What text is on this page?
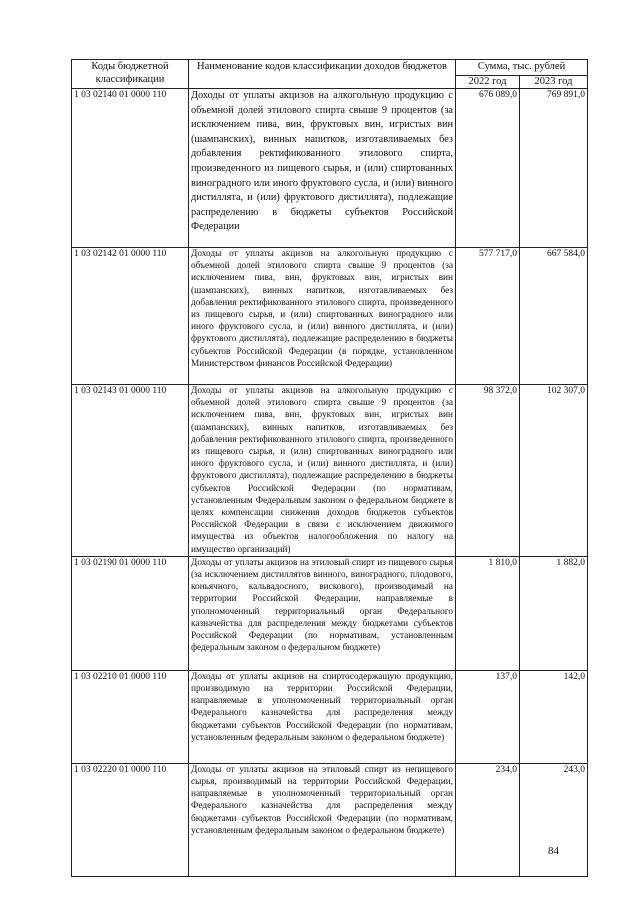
Коды бюджетной классификации	Наименование кодов классификации доходов бюджетов	Сумма, тыс. рублей	
		2022 год	2023 год
1 03 02140 01 0000 110	Доходы от уплаты акцизов на алкогольную продукцию с объемной долей этилового спирта свыше 9 процентов (за исключением пива, вин, фруктовых вин, игристых вин (шампанских), винных напитков, изготавливаемых без добавления ректификованного этилового спирта, произведенного из пищевого сырья, и (или) спиртованных виноградного или иного фруктового сусла, и (или) винного дистиллята, и (или) фруктового дистиллята), подлежащие распределению в бюджеты субъектов Российской Федерации	676 089,0	769 891,0
1 03 02142 01 0000 110	Доходы от уплаты акцизов на алкогольную продукцию с объемной долей этилового спирта свыше 9 процентов (за исключением пива, вин, фруктовых вин, игристых вин (шампанских), винных напитков, изготавливаемых без добавления ректификованного этилового спирта, произведенного из пищевого сырья, и (или) спиртованных виноградного или иного фруктового сусла, и (или) винного дистиллята, и (или) фруктового дистиллята), подлежащие распределению в бюджеты субъектов Российской Федерации (в порядке, установленном Министерством финансов Российской Федерации)	577 717,0	667 584,0
1 03 02143 01 0000 110	Доходы от уплаты акцизов на алкогольную продукцию с объемной долей этилового спирта свыше 9 процентов (за исключением пива, вин, фруктовых вин, игристых вин (шампанских), винных напитков, изготавливаемых без добавления ректификованного этилового спирта, произведенного из пищевого сырья, и (или) спиртованных виноградного или иного фруктового сусла, и (или) винного дистиллята, и (или) фруктового дистиллята), подлежащие распределению в бюджеты субъектов Российской Федерации (по нормативам, установленным Федеральным законом о федеральном бюджете в целях компенсации снижения доходов бюджетов субъектов Российской Федерации в связи с исключением движимого имущества из объектов налогообложения по налогу на имущество организаций)	98 372,0	102 307,0
1 03 02190 01 0000 110	Доходы от уплаты акцизов на этиловый спирт из пищевого сырья (за исключением дистиллятов винного, виноградного, плодового, коньячного, кальвадосного, вискового), производимый на территории Российской Федерации, направляемые в уполномоченный территориальный орган Федерального казначейства для распределения между бюджетами субъектов Российской Федерации (по нормативам, установленным федеральным законом о федеральном бюджете)	1 810,0	1 882,0
1 03 02210 01 0000 110	Доходы от уплаты акцизов на спиртосодержащую продукцию, производимую на территории Российской Федерации, направляемые в уполномоченный территориальный орган Федерального казначейства для распределения между бюджетами субъектов Российской Федерации (по нормативам, установленным федеральным законом о федеральном бюджете)	137,0	142,0
1 03 02220 01 0000 110	Доходы от уплаты акцизов на этиловый спирт из непищевого сырья, производимый на территории Российской Федерации, направляемые в уполномоченный территориальный орган Федерального казначейства для распределения между бюджетами субъектов Российской Федерации (по нормативам, установленным федеральным законом о федеральном бюджете)	234,0	243,0
84
